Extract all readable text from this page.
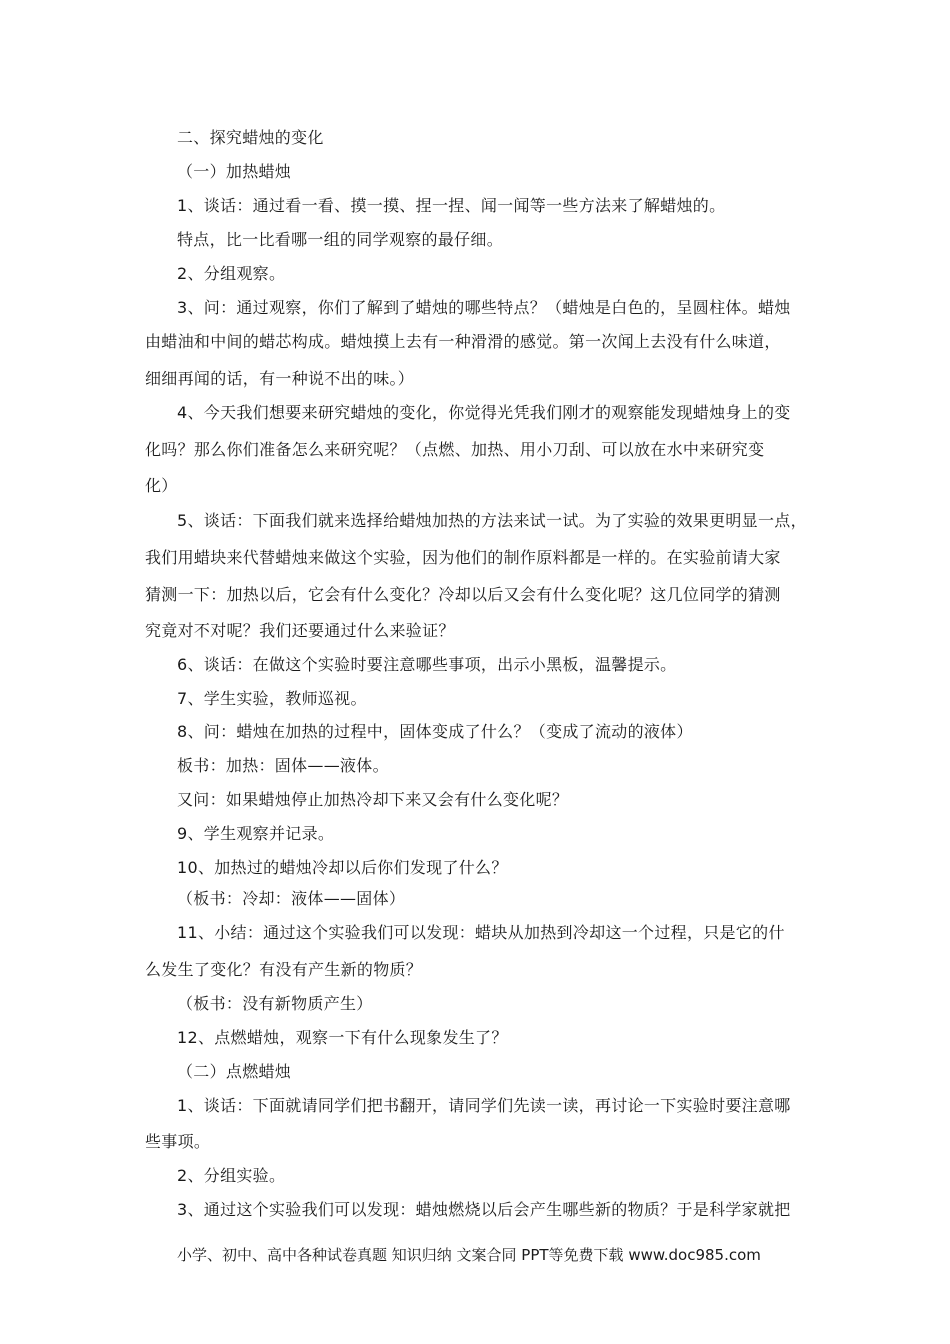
二、探究蜡烛的变化
（一）加热蜡烛
1、谈话：通过看一看、摸一摸、捏一捏、闻一闻等一些方法来了解蜡烛的。
特点，比一比看哪一组的同学观察的最仔细。
2、分组观察。
3、问：通过观察，你们了解到了蜡烛的哪些特点？（蜡烛是白色的，呈圆柱体。蜡烛
由蜡油和中间的蜡芯构成。蜡烛摸上去有一种滑滑的感觉。第一次闻上去没有什么味道，
细细再闻的话，有一种说不出的味。）
4、今天我们想要来研究蜡烛的变化，你觉得光凭我们刚才的观察能发现蜡烛身上的变
化吗？那么你们准备怎么来研究呢？（点燃、加热、用小刀刮、可以放在水中来研究变
化）
5、谈话：下面我们就来选择给蜡烛加热的方法来试一试。为了实验的效果更明显一点，
我们用蜡块来代替蜡烛来做这个实验，因为他们的制作原料都是一样的。在实验前请大家
猜测一下：加热以后，它会有什么变化？冷却以后又会有什么变化呢？这几位同学的猜测
究竟对不对呢？我们还要通过什么来验证？
6、谈话：在做这个实验时要注意哪些事项，出示小黑板，温馨提示。
7、学生实验，教师巡视。
8、问：蜡烛在加热的过程中，固体变成了什么？（变成了流动的液体）
板书：加热：固体——液体。
又问：如果蜡烛停止加热冷却下来又会有什么变化呢？
9、学生观察并记录。
10、加热过的蜡烛冷却以后你们发现了什么？
（板书：冷却：液体——固体）
11、小结：通过这个实验我们可以发现：蜡块从加热到冷却这一个过程，只是它的什
么发生了变化？有没有产生新的物质？
（板书：没有新物质产生）
12、点燃蜡烛，观察一下有什么现象发生了？
（二）点燃蜡烛
1、谈话：下面就请同学们把书翻开，请同学们先读一读，再讨论一下实验时要注意哪
些事项。
2、分组实验。
3、通过这个实验我们可以发现：蜡烛燃烧以后会产生哪些新的物质？于是科学家就把
小学、初中、高中各种试卷真题 知识归纳 文案合同 PPT等免费下载 www.doc985.com
